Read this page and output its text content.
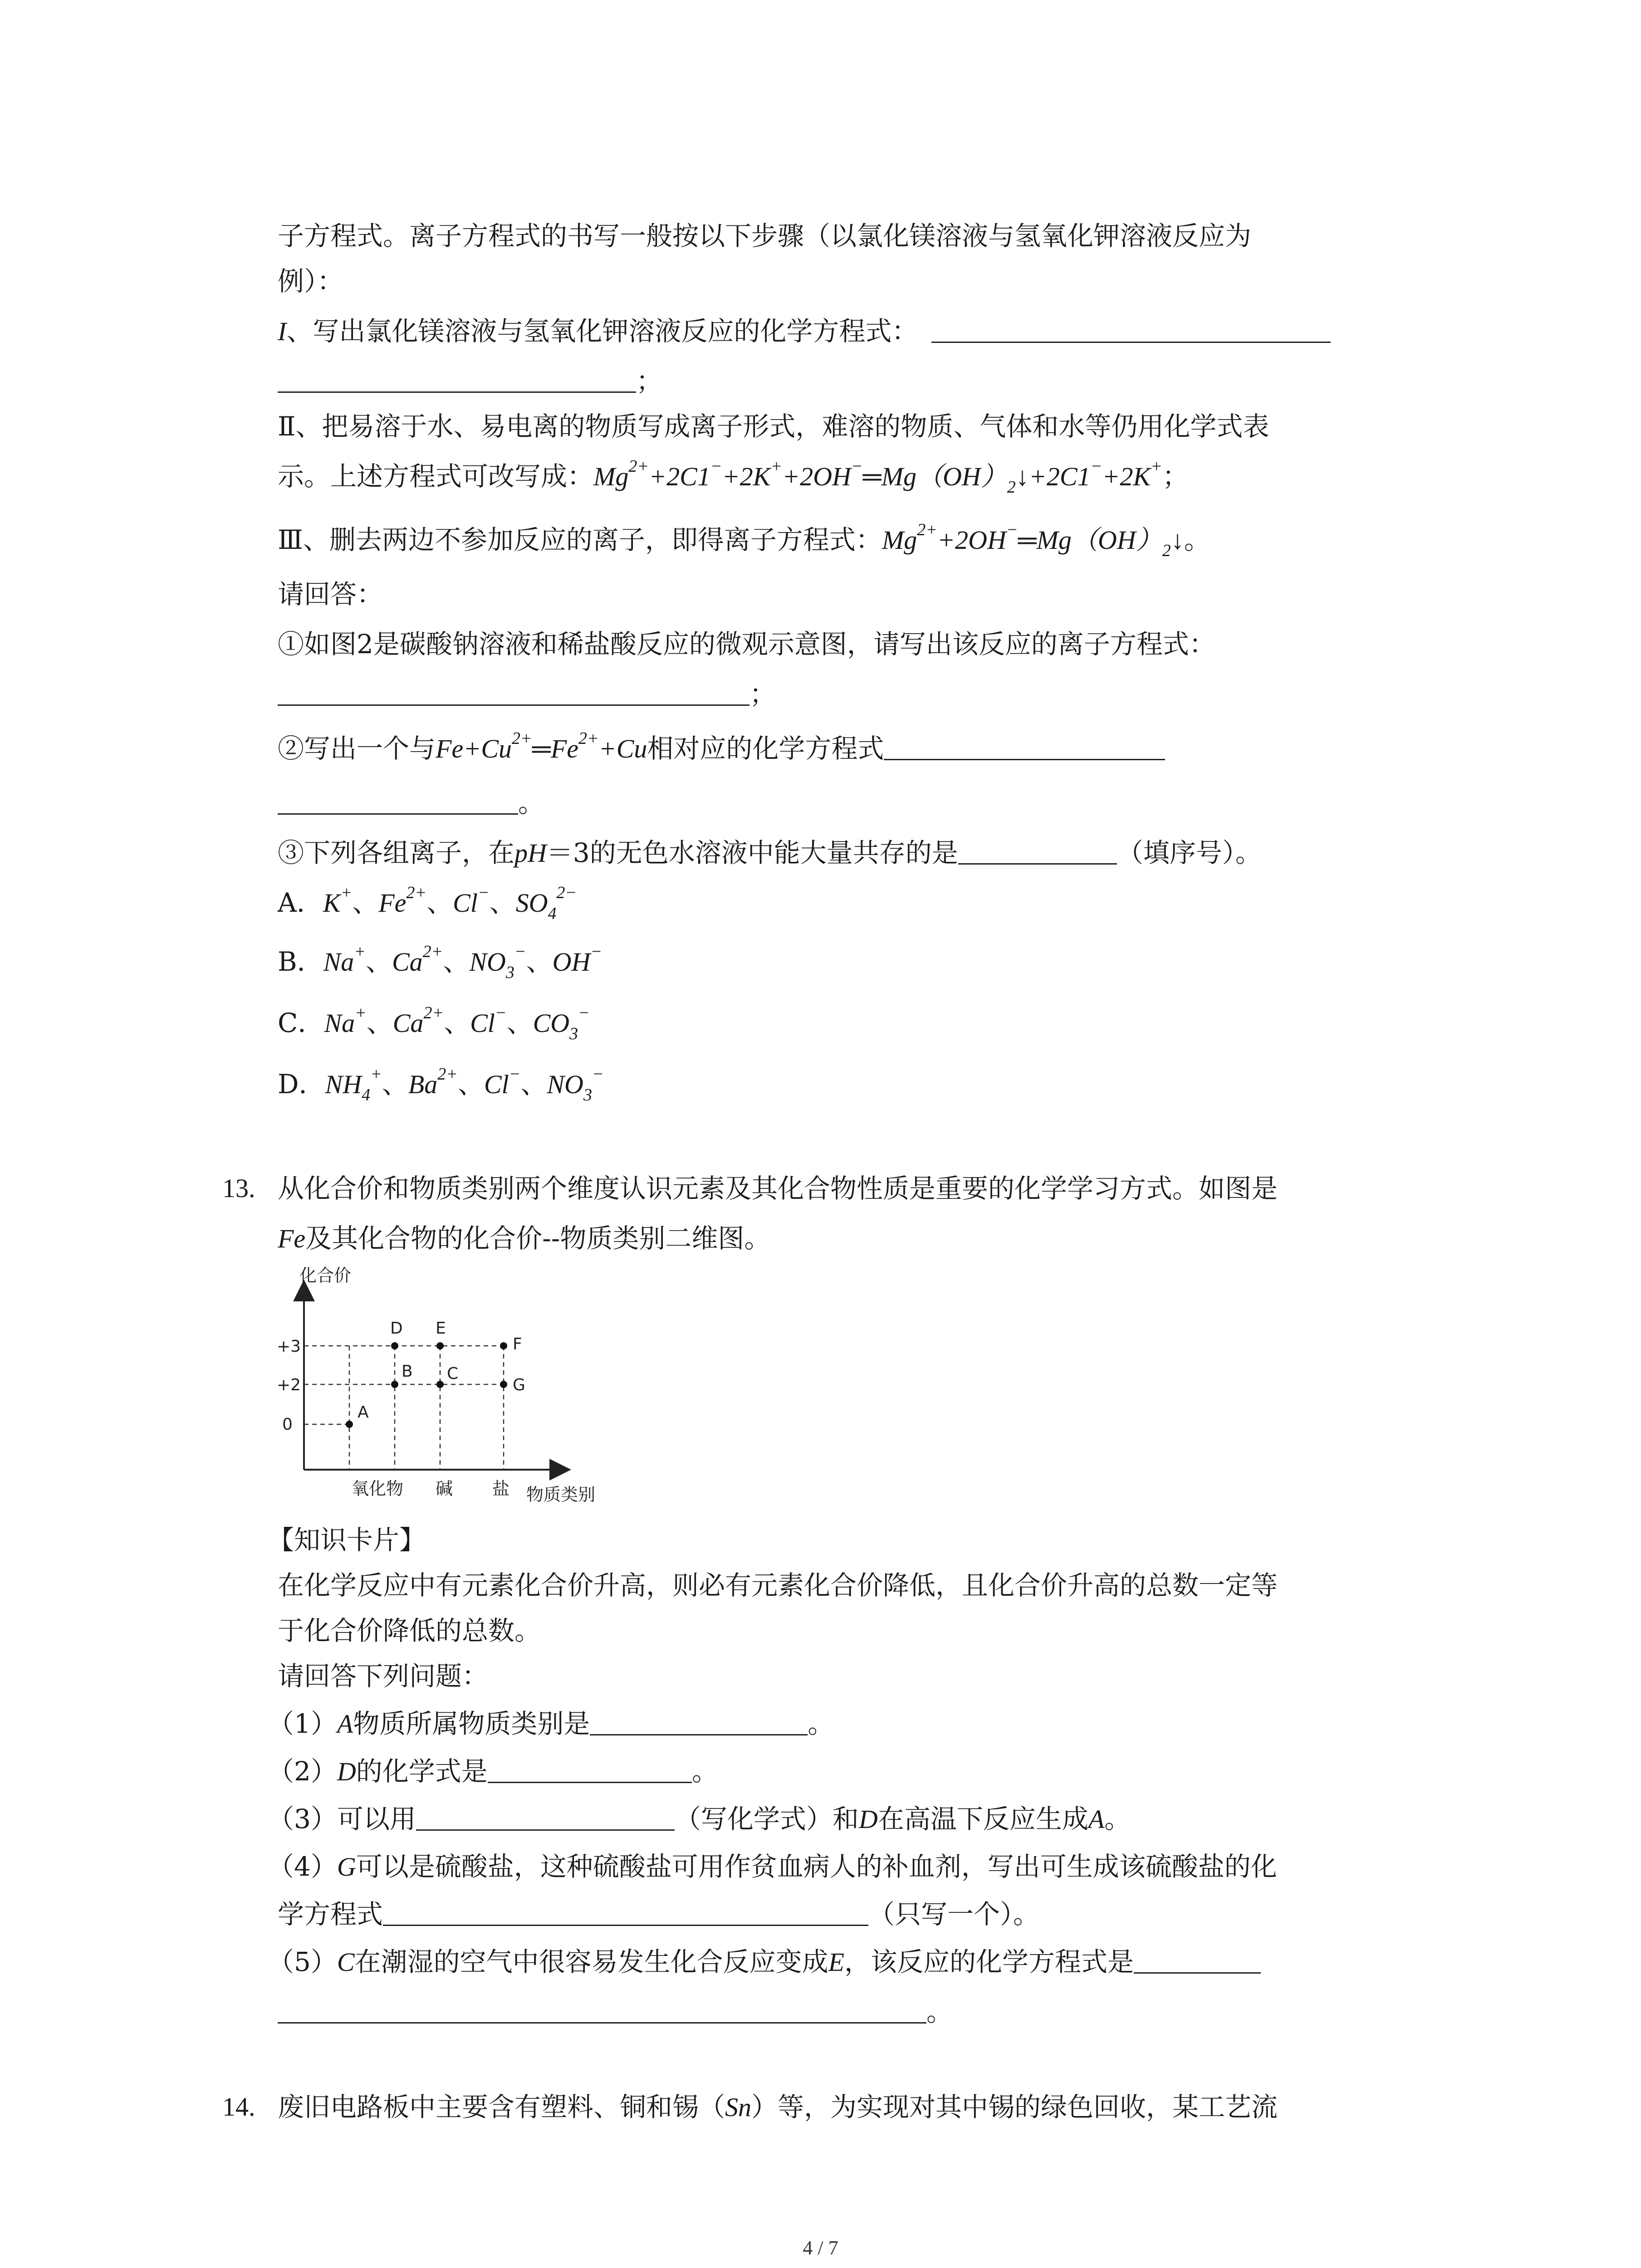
子方程式。离子方程式的书写一般按以下步骤（以氯化镁溶液与氢氧化钾溶液反应为
例）：
I、写出氯化镁溶液与氢氧化钾溶液反应的化学方程式：
；
Ⅱ、把易溶于水、易电离的物质写成离子形式，难溶的物质、气体和水等仍用化学式表
示。上述方程式可改写成：$Mg^{2+}+2C1^-+2K^++2OH^-═Mg(OH)_2↓+2C1^-+2K^+$；
Ⅲ、删去两边不参加反应的离子，即得离子方程式：$Mg^{2+}+2OH^-═Mg(OH)_2↓$。
请回答：
①如图2是碳酸钠溶液和稀盐酸反应的微观示意图，请写出该反应的离子方程式：
；
②写出一个与$Fe+Cu^{2+}═Fe^{2+}+Cu$相对应的化学方程式
。
③下列各组离子，在pH＝3的无色水溶液中能大量共存的是	（填序号）。
A．K+、$Fe^{2+}$、Cl−、$SO_4^{2-}$
B．Na+、$Ca^{2+}$、$NO_3^-$、OH−
C．Na+、$Ca^{2+}$、Cl−、$CO_3^-$
D．$NH_4^+$、$Ba^{2+}$、Cl−、$NO_3^-$
13. 从化合价和物质类别两个维度认识元素及其化合物性质是重要的化学学习方式。如图是
Fe及其化合物的化合价--物质类别二维图。
化合价
物质类别
+3
+2
0
氧化物 碱 盐
A
B C
D E
F
G
【知识卡片】
在化学反应中有元素化合价升高，则必有元素化合价降低，且化合价升高的总数一定等
于化合价降低的总数。
请回答下列问题：
（1）A物质所属物质类别是	。
（2）D的化学式是	。
（3）可以用	（写化学式）和D在高温下反应生成A。
（4）G可以是硫酸盐，这种硫酸盐可用作贫血病人的补血剂，写出可生成该硫酸盐的化
学方程式	（只写一个）。
（5）C在潮湿的空气中很容易发生化合反应变成E，该反应的化学方程式是
。
14. 废旧电路板中主要含有塑料、铜和锡（Sn）等，为实现对其中锡的绿色回收，某工艺流
4 / 7
